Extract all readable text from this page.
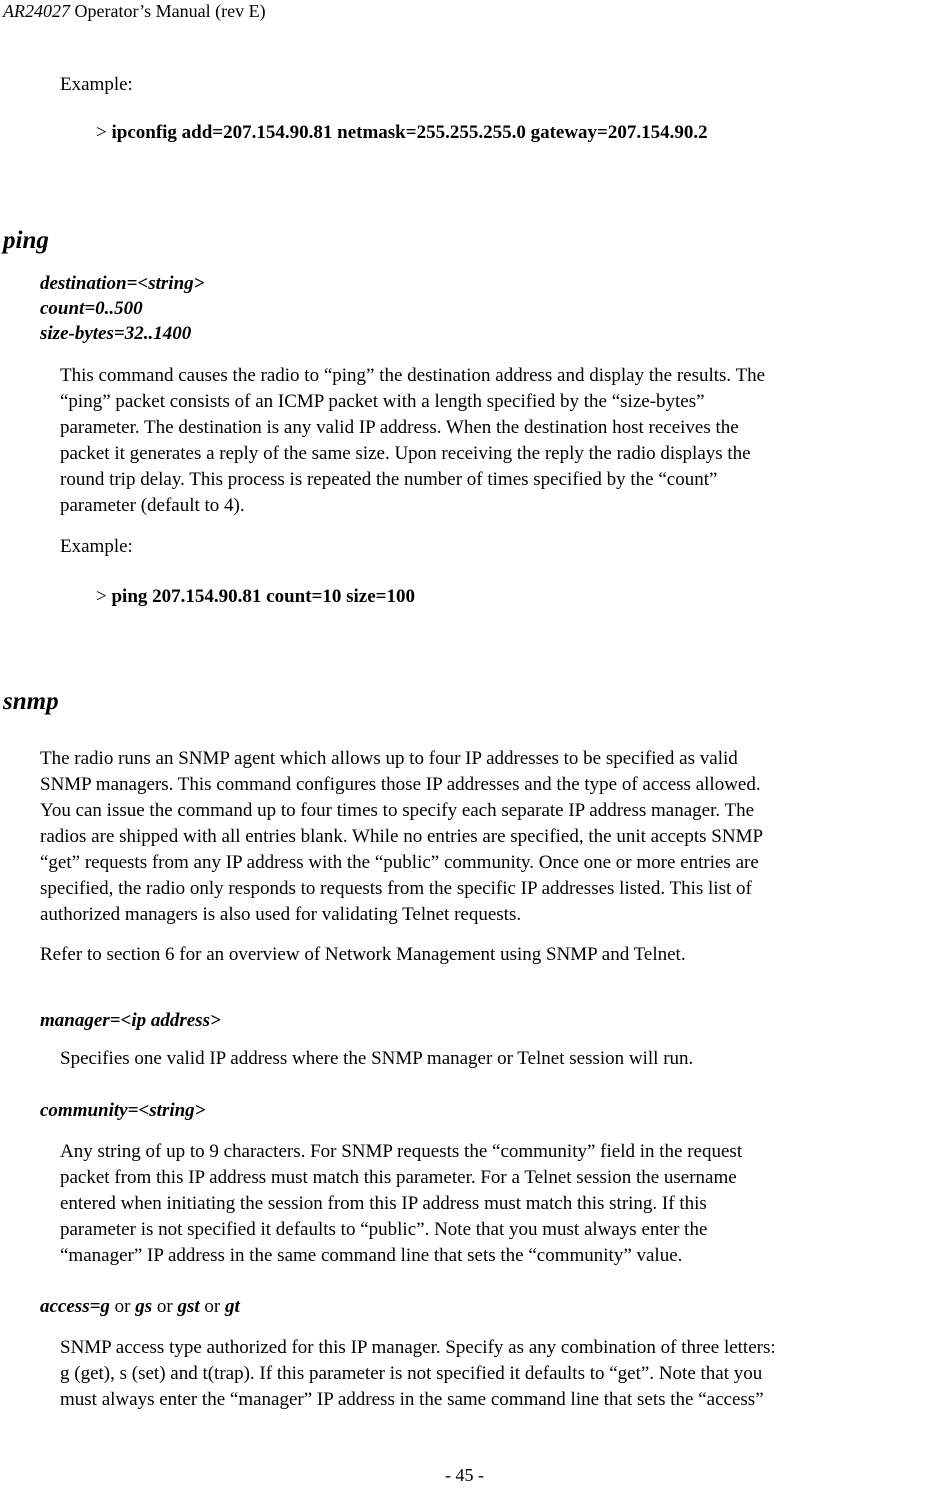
AR24027 Operator’s Manual (rev E)
Example:
> ipconfig add=207.154.90.81 netmask=255.255.255.0 gateway=207.154.90.2
ping
destination=<string>
count=0..500
size-bytes=32..1400
This command causes the radio to “ping” the destination address and display the results. The
“ping” packet consists of an ICMP packet with a length specified by the “size-bytes”
parameter. The destination is any valid IP address. When the destination host receives the
packet it generates a reply of the same size. Upon receiving the reply the radio displays the
round trip delay. This process is repeated the number of times specified by the “count”
parameter (default to 4).
Example:
> ping 207.154.90.81 count=10 size=100
snmp
The radio runs an SNMP agent which allows up to four IP addresses to be specified as valid
SNMP managers. This command configures those IP addresses and the type of access allowed.
You can issue the command up to four times to specify each separate IP address manager. The
radios are shipped with all entries blank. While no entries are specified, the unit accepts SNMP
“get” requests from any IP address with the “public” community. Once one or more entries are
specified, the radio only responds to requests from the specific IP addresses listed. This list of
authorized managers is also used for validating Telnet requests.
Refer to section 6 for an overview of Network Management using SNMP and Telnet.
manager=<ip address>
Specifies one valid IP address where the SNMP manager or Telnet session will run.
community=<string>
Any string of up to 9 characters. For SNMP requests the “community” field in the request
packet from this IP address must match this parameter. For a Telnet session the username
entered when initiating the session from this IP address must match this string. If this
parameter is not specified it defaults to “public”. Note that you must always enter the
“manager” IP address in the same command line that sets the “community” value.
access=g or gs or gst or gt
SNMP access type authorized for this IP manager. Specify as any combination of three letters:
g (get), s (set) and t(trap). If this parameter is not specified it defaults to “get”. Note that you
must always enter the “manager” IP address in the same command line that sets the “access”
- 45 -
